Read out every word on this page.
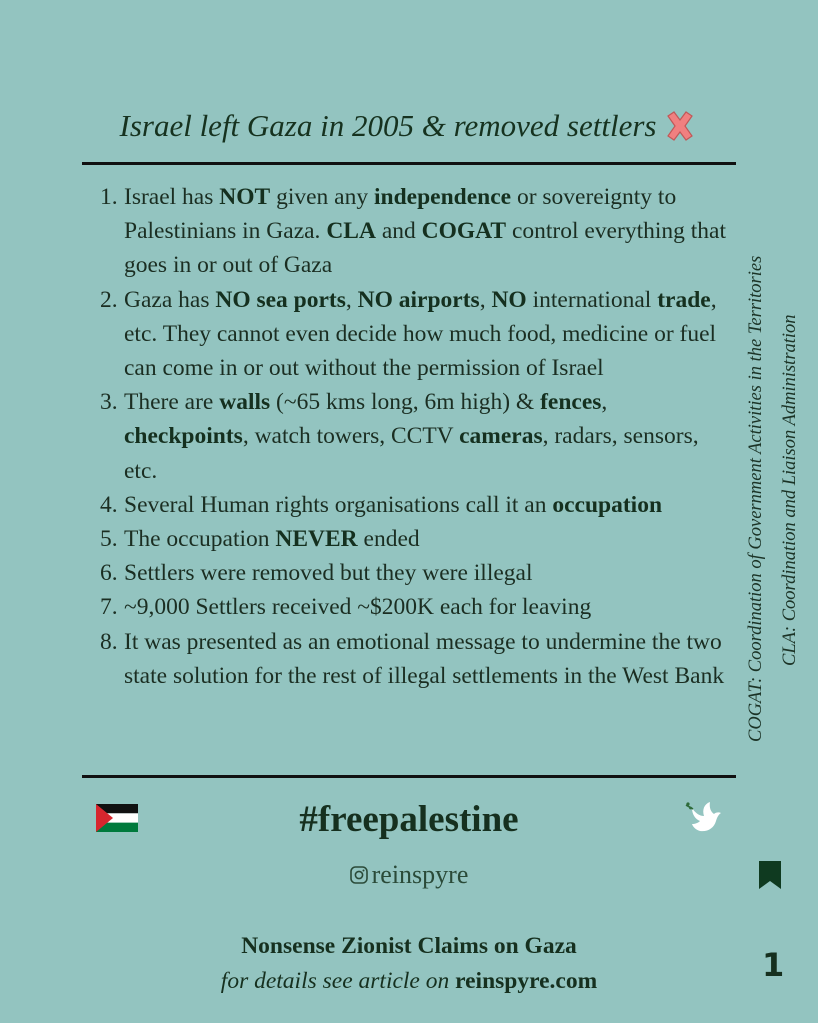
Israel left Gaza in 2005 & removed settlers
1. Israel has NOT given any independence or sovereignty to Palestinians in Gaza. CLA and COGAT control everything that goes in or out of Gaza
2. Gaza has NO sea ports, NO airports, NO international trade, etc. They cannot even decide how much food, medicine or fuel can come in or out without the permission of Israel
3. There are walls (~65 kms long, 6m high) & fences, checkpoints, watch towers, CCTV cameras, radars, sensors, etc.
4. Several Human rights organisations call it an occupation
5. The occupation NEVER ended
6. Settlers were removed but they were illegal
7. ~9,000 Settlers received ~$200K each for leaving
8. It was presented as an emotional message to undermine the two state solution for the rest of illegal settlements in the West Bank	COGAT: Coordination of Government Activities in the Territories CLA: Coordination and Liaison Administration
#freepalestine
reinspyre
Nonsense Zionist Claims on Gaza
for details see article on reinspyre.com	1
